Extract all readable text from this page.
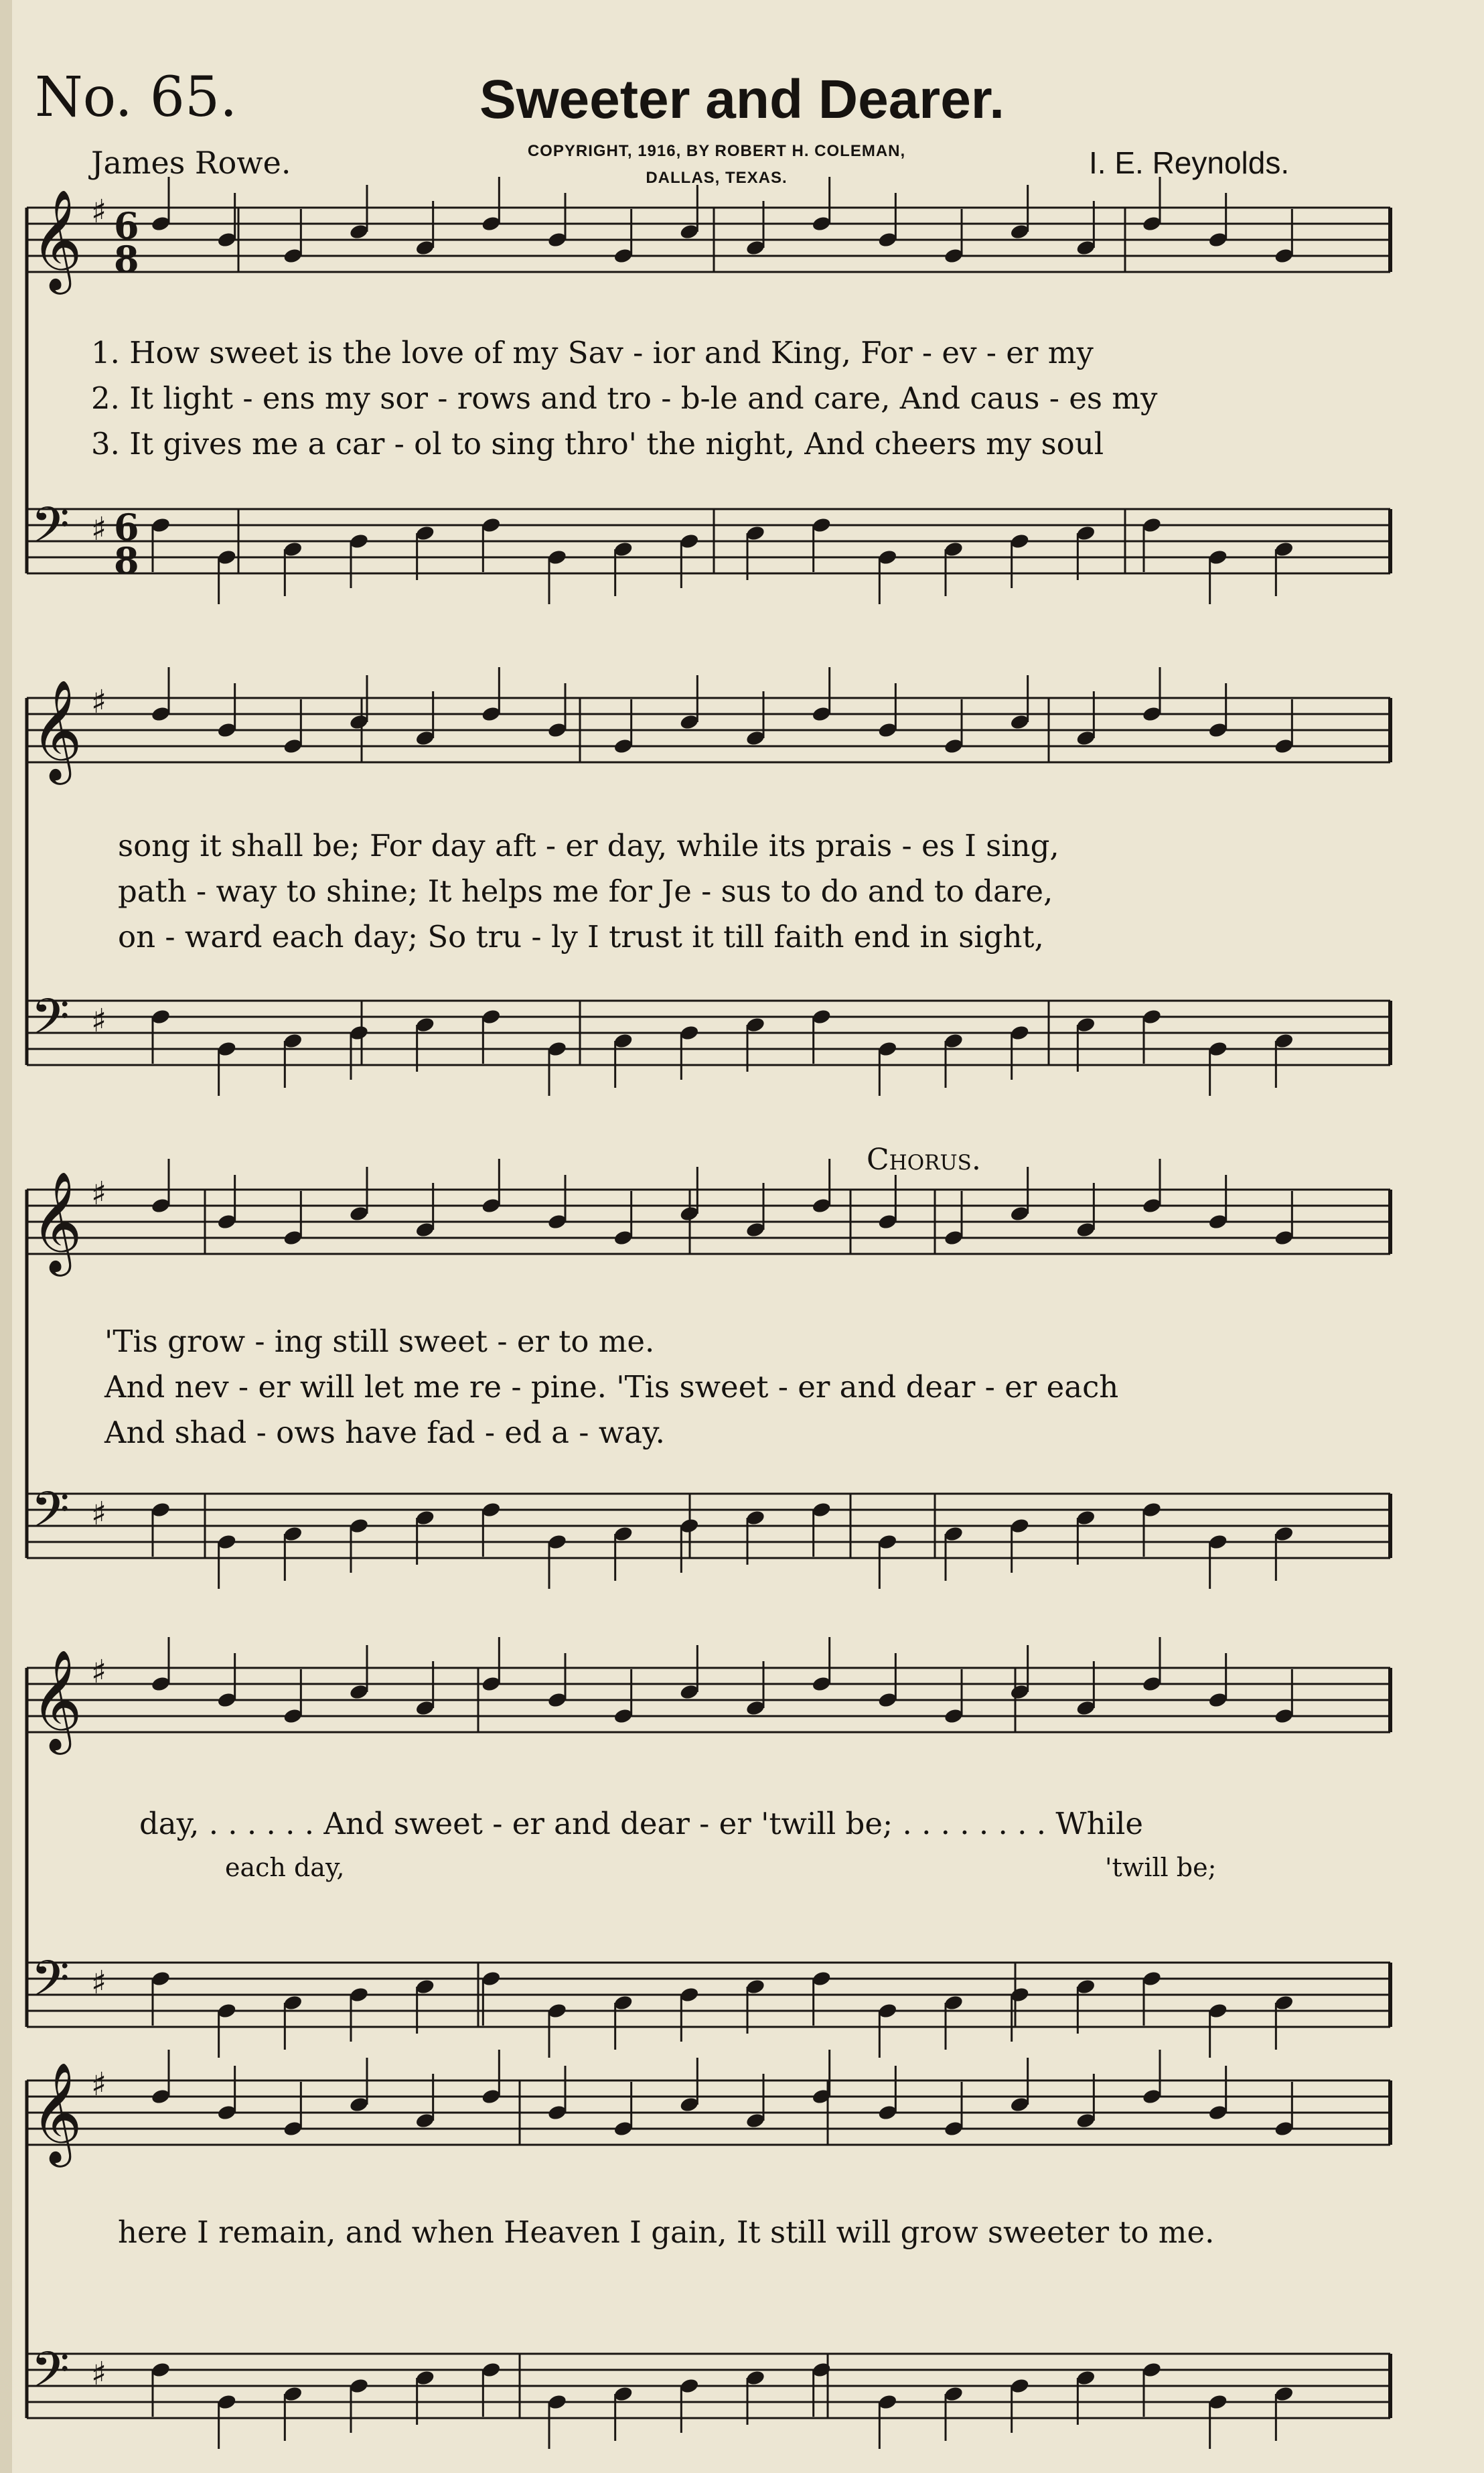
No. 65.	Sweeter and Dearer.
James Rowe.	COPYRIGHT, 1916, BY ROBERT H. COLEMAN,
DALLAS, TEXAS.	I. E. Reynolds.
𝄞 ♯
𝄢 ♯
𝄞 ♯
𝄢 ♯
𝄞 ♯
𝄢 ♯
𝄞 ♯
𝄢 ♯
𝄞 ♯
𝄢 ♯
6
8
6
8
1. How sweet is the love of my Sav - ior and King, For - ev - er my
2. It light - ens my sor - rows and tro - b-le and care, And caus - es my
3. It gives me a car - ol to sing thro' the night, And cheers my soul
song it shall be; For day aft - er day, while its prais - es I sing,
path - way to shine; It helps me for Je - sus to do and to dare,
on - ward each day; So tru - ly I trust it till faith end in sight,
Chorus.
'Tis grow - ing still sweet - er to me.
And nev - er will let me re - pine. 'Tis sweet - er and dear - er each
And shad - ows have fad - ed a - way.
day, . . . . . . And sweet - er and dear - er 'twill be; . . . . . . . . While
each day,	'twill be;
here I remain, and when Heaven I gain, It still will grow sweeter to me.
